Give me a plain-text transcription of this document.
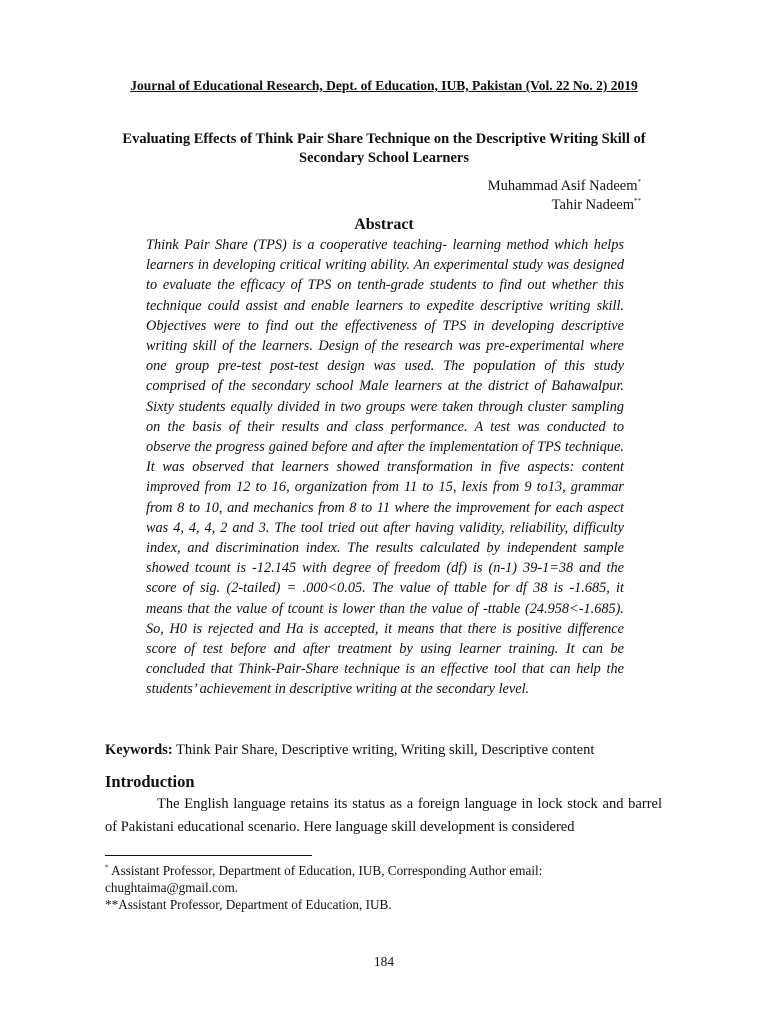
Journal of Educational Research, Dept. of Education, IUB, Pakistan (Vol. 22 No. 2) 2019
Evaluating Effects of Think Pair Share Technique on the Descriptive Writing Skill of Secondary School Learners
Muhammad Asif Nadeem*
Tahir Nadeem**
Abstract
Think Pair Share (TPS) is a cooperative teaching- learning method which helps learners in developing critical writing ability. An experimental study was designed to evaluate the efficacy of TPS on tenth-grade students to find out whether this technique could assist and enable learners to expedite descriptive writing skill. Objectives were to find out the effectiveness of TPS in developing descriptive writing skill of the learners. Design of the research was pre-experimental where one group pre-test post-test design was used. The population of this study comprised of the secondary school Male learners at the district of Bahawalpur. Sixty students equally divided in two groups were taken through cluster sampling on the basis of their results and class performance. A test was conducted to observe the progress gained before and after the implementation of TPS technique. It was observed that learners showed transformation in five aspects: content improved from 12 to 16, organization from 11 to 15, lexis from 9 to13, grammar from 8 to 10, and mechanics from 8 to 11 where the improvement for each aspect was 4, 4, 4, 2 and 3. The tool tried out after having validity, reliability, difficulty index, and discrimination index. The results calculated by independent sample showed tcount is -12.145 with degree of freedom (df) is (n-1) 39-1=38 and the score of sig. (2-tailed) = .000<0.05. The value of ttable for df 38 is -1.685, it means that the value of tcount is lower than the value of -ttable (24.958<-1.685). So, H0 is rejected and Ha is accepted, it means that there is positive difference score of test before and after treatment by using learner training. It can be concluded that Think-Pair-Share technique is an effective tool that can help the students’ achievement in descriptive writing at the secondary level.
Keywords: Think Pair Share, Descriptive writing, Writing skill, Descriptive content
Introduction
The English language retains its status as a foreign language in lock stock and barrel of Pakistani educational scenario. Here language skill development is considered
* Assistant Professor, Department of Education, IUB, Corresponding Author email: chughtaima@gmail.com.
**Assistant Professor, Department of Education, IUB.
184
